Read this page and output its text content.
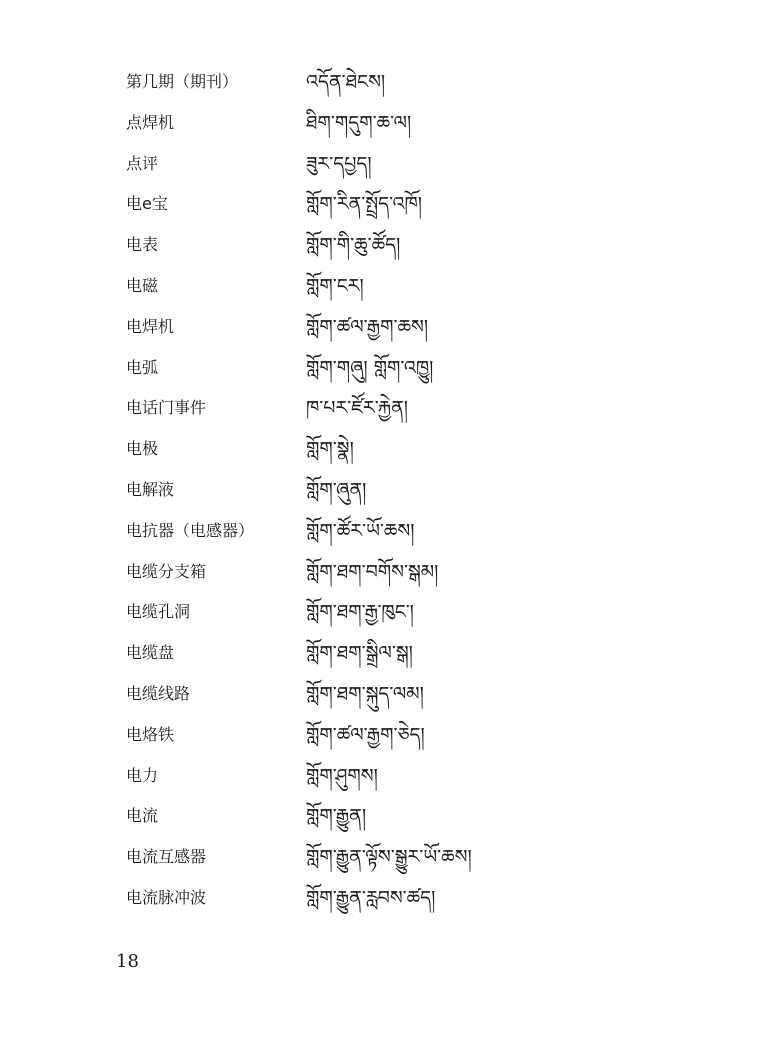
第几期（期刊）	འདོན་ཐེངས།
点焊机	ཐིག་གདུག་ཆ་ལ།
点评	ཟུར་དཔྱད།
电e宝	གློག་རིན་སྤྲོད་འཁོ།
电表	གློག་གི་ཆུ་ཚོད།
电磁	གློག་ངར།
电焊机	གློག་ཚལ་རྒྱག་ཆས།
电弧	གློག་གཞུ། གློག་འཁྱུ།
电话门事件	ཁ་པར་ཛོར་རྐྱེན།
电极	གློག་སྣེ།
电解液	གློག་ཞུན།
电抗器（电感器）	གློག་ཚོར་ཡོ་ཆས།
电缆分支箱	གློག་ཐག་བགོས་སྒམ།
电缆孔洞	གློག་ཐག་རྒྱ་ཁུང་།
电缆盘	གློག་ཐག་སྒྲིལ་སྒ།
电缆线路	གློག་ཐག་སྐུད་ལམ།
电烙铁	གློག་ཚལ་རྒྱག་ཅེད།
电力	གློག་ཤུགས།
电流	གློག་རྒྱུན།
电流互感器	གློག་རྒྱུན་ལྟོས་སྒྱུར་ཡོ་ཆས།
电流脉冲波	གློག་རྒྱུན་རླབས་ཚད།
18
